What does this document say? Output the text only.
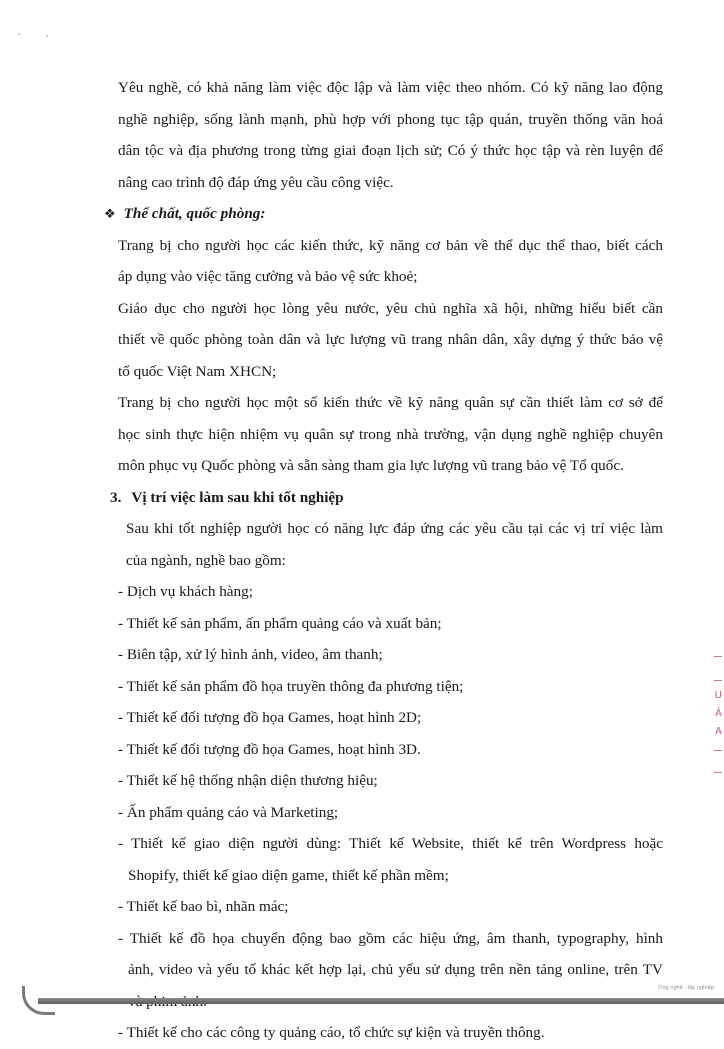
Yêu nghề, có khả năng làm việc độc lập và làm việc theo nhóm. Có kỹ năng lao động
nghề nghiệp, sống lành mạnh, phù hợp với phong tục tập quán, truyền thống văn hoá
dân tộc và địa phương trong từng giai đoạn lịch sử; Có ý thức học tập và rèn luyện để
nâng cao trình độ đáp ứng yêu cầu công việc.

❖ Thể chất, quốc phòng:

Trang bị cho người học các kiến thức, kỹ năng cơ bản về thể dục thể thao, biết cách
áp dụng vào việc tăng cường và bảo vệ sức khoẻ;

Giáo dục cho người học lòng yêu nước, yêu chủ nghĩa xã hội, những hiểu biết cần
thiết về quốc phòng toàn dân và lực lượng vũ trang nhân dân, xây dựng ý thức bảo vệ
tổ quốc Việt Nam XHCN;

Trang bị cho người học một số kiến thức về kỹ năng quân sự cần thiết làm cơ sở để
học sinh thực hiện nhiệm vụ quân sự trong nhà trường, vận dụng nghề nghiệp chuyên
môn phục vụ Quốc phòng và sẵn sàng tham gia lực lượng vũ trang bảo vệ Tổ quốc.

3. Vị trí việc làm sau khi tốt nghiệp

Sau khi tốt nghiệp người học có năng lực đáp ứng các yêu cầu tại các vị trí việc làm
của ngành, nghề bao gồm:

- Dịch vụ khách hàng;
- Thiết kế sản phẩm, ấn phẩm quảng cáo và xuất bản;
- Biên tập, xử lý hình ảnh, video, âm thanh;
- Thiết kế sản phẩm đồ họa truyền thông đa phương tiện;
- Thiết kế đối tượng đồ họa Games, hoạt hình 2D;
- Thiết kế đối tượng đồ họa Games, hoạt hình 3D.
- Thiết kế hệ thống nhận diện thương hiệu;
- Ấn phẩm quảng cáo và Marketing;
- Thiết kế giao diện người dùng: Thiết kế Website, thiết kế trên Wordpress hoặc
Shopify, thiết kế giao diện game, thiết kế phần mềm;
- Thiết kế bao bì, nhãn mác;
- Thiết kế đồ họa chuyển động bao gồm các hiệu ứng, âm thanh, typography, hình
ảnh, video và yếu tố khác kết hợp lại, chủ yếu sử dụng trên nền tảng online, trên TV
- Thiết kế cho các công ty quảng cáo, tổ chức sự kiện và truyền thông.
U
Á
A
Ứng nghề · lập nghiệp
